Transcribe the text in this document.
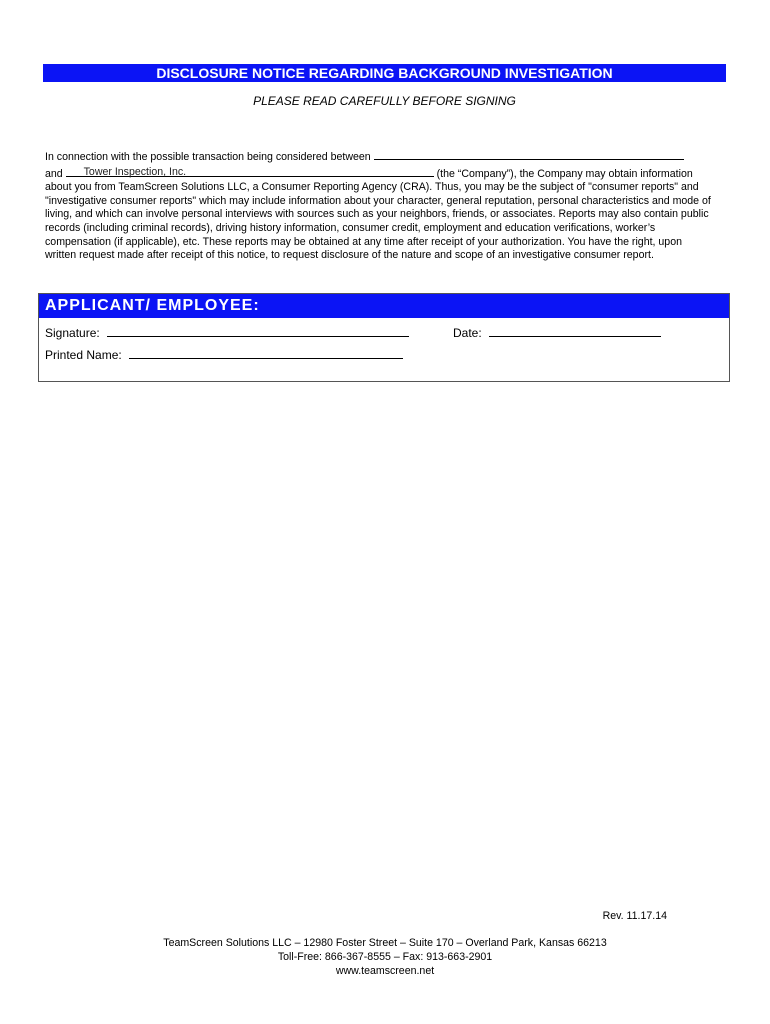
DISCLOSURE NOTICE REGARDING BACKGROUND INVESTIGATION
PLEASE READ CAREFULLY BEFORE SIGNING

In connection with the possible transaction being considered between

and Tower Inspection, Inc.	(the “Company”), the Company may obtain information

about you from TeamScreen Solutions LLC, a Consumer Reporting Agency (CRA). Thus, you may be the subject of "consumer reports" and "investigative consumer reports" which may include information about your character, general reputation, personal characteristics and mode of living, and which can involve personal interviews with sources such as your neighbors, friends, or associates. Reports may also contain public records (including criminal records), driving history information, consumer credit, employment and education verifications, worker’s compensation (if applicable), etc. These reports may be obtained at any time after receipt of your authorization. You have the right, upon written request made after receipt of this notice, to request disclosure of the nature and scope of an investigative consumer report.

APPLICANT/ EMPLOYEE:
Signature:	Date:
Printed Name:
Rev. 11.17.14
TeamScreen Solutions LLC – 12980 Foster Street – Suite 170 – Overland Park, Kansas 66213
Toll-Free: 866-367-8555 – Fax: 913-663-2901
www.teamscreen.net
